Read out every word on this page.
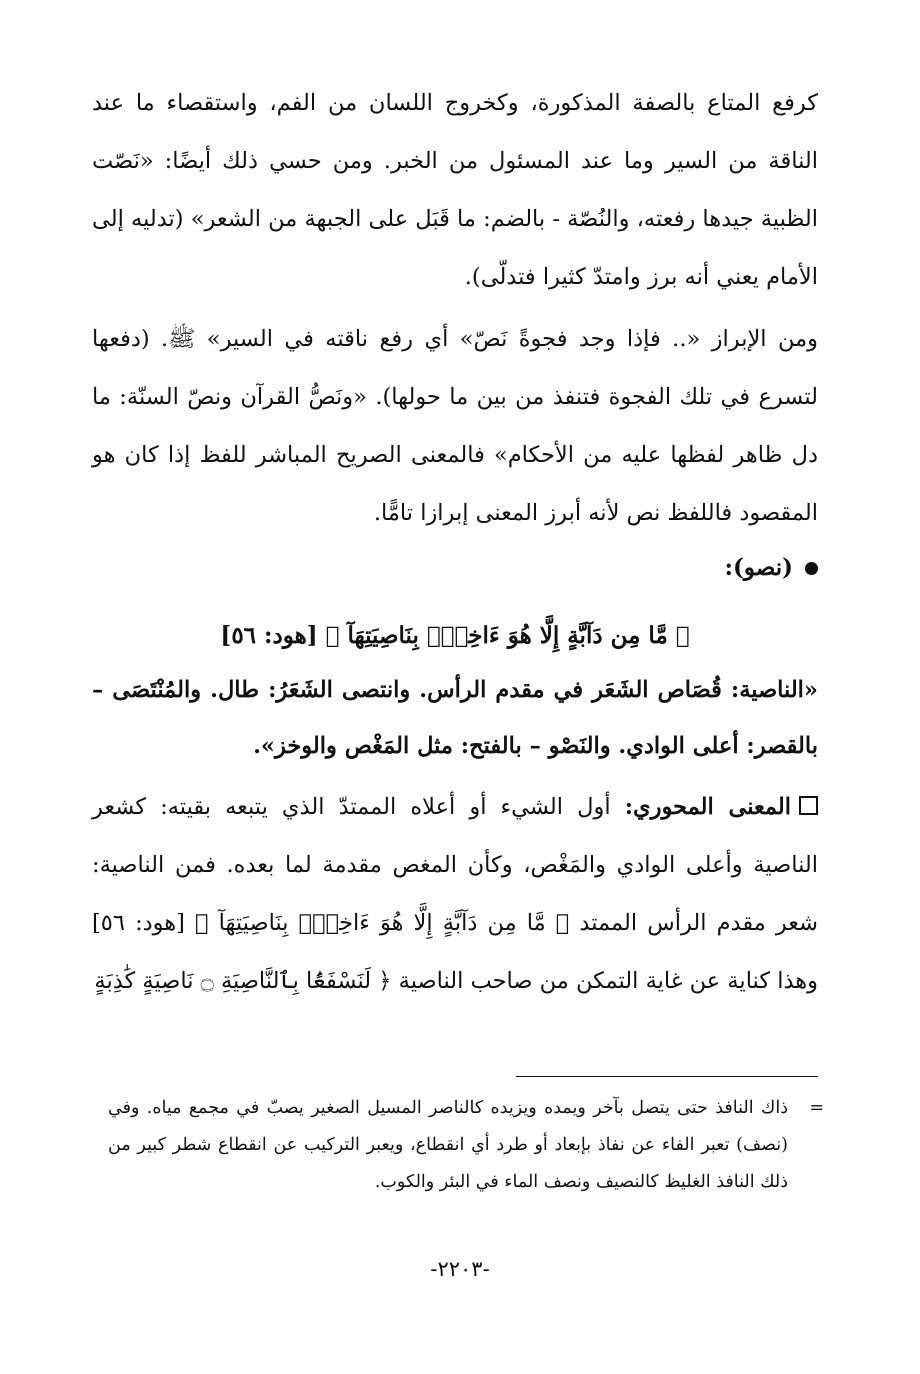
كرفع المتاع بالصفة المذكورة، وكخروج اللسان من الفم، واستقصاء ما عند الناقة من السير وما عند المسئول من الخبر. ومن حسي ذلك أيضًا: «نَصّت الظبية جيدها رفعته، والنُصّة - بالضم: ما قَبَل على الجبهة من الشعر» (تدليه إلى الأمام يعني أنه برز وامتدّ كثيرا فتدلّى).

ومن الإبراز «.. فإذا وجد فجوةً نَصّ» أي رفع ناقته في السير» ﷺ. (دفعها لتسرع في تلك الفجوة فتنفذ من بين ما حولها). «ونَصُّ القرآن ونصّ السنّة: ما دل ظاهر لفظها عليه من الأحكام» فالمعنى الصريح المباشر للفظ إذا كان هو المقصود فاللفظ نص لأنه أبرز المعنى إبرازا تامًّا.

(نصو):
﴿ مَّا مِن دَآبَّةٍ إِلَّا هُوَ ءَاخِذٌۢ بِنَاصِيَتِهَآ ﴾ [هود: ٥٦]

«الناصية: قُصَاص الشَعَر في مقدم الرأس. وانتصى الشَعَرُ: طال. والمُنْتَصَى – بالقصر: أعلى الوادي. والنَصْو – بالفتح: مثل المَغْص والوخز».

المعنى المحوري: أول الشيء أو أعلاه الممتدّ الذي يتبعه بقيته: كشعر الناصية وأعلى الوادي والمَغْص، وكأن المغص مقدمة لما بعده. فمن الناصية: شعر مقدم الرأس الممتد ﴿ مَّا مِن دَآبَّةٍ إِلَّا هُوَ ءَاخِذٌۢ بِنَاصِيَتِهَآ ﴾ [هود: ٥٦] وهذا كناية عن غاية التمكن من صاحب الناصية ﴿ لَنَسْفَعًۢا بِٱلنَّاصِيَةِ ۝ نَاصِيَةٍ كَٰذِبَةٍ

=

ذاك النافذ حتى يتصل بآخر ويمده ويزيده كالناصر المسيل الصغير يصبّ في مجمع مياه. وفي (نصف) تعبر الفاء عن نفاذ بإبعاد أو طرد أي انقطاع، ويعبر التركيب عن انقطاع شطر كبير من ذلك النافذ الغليظ كالنصيف ونصف الماء في البئر والكوب.

-٢٢٠٣-
